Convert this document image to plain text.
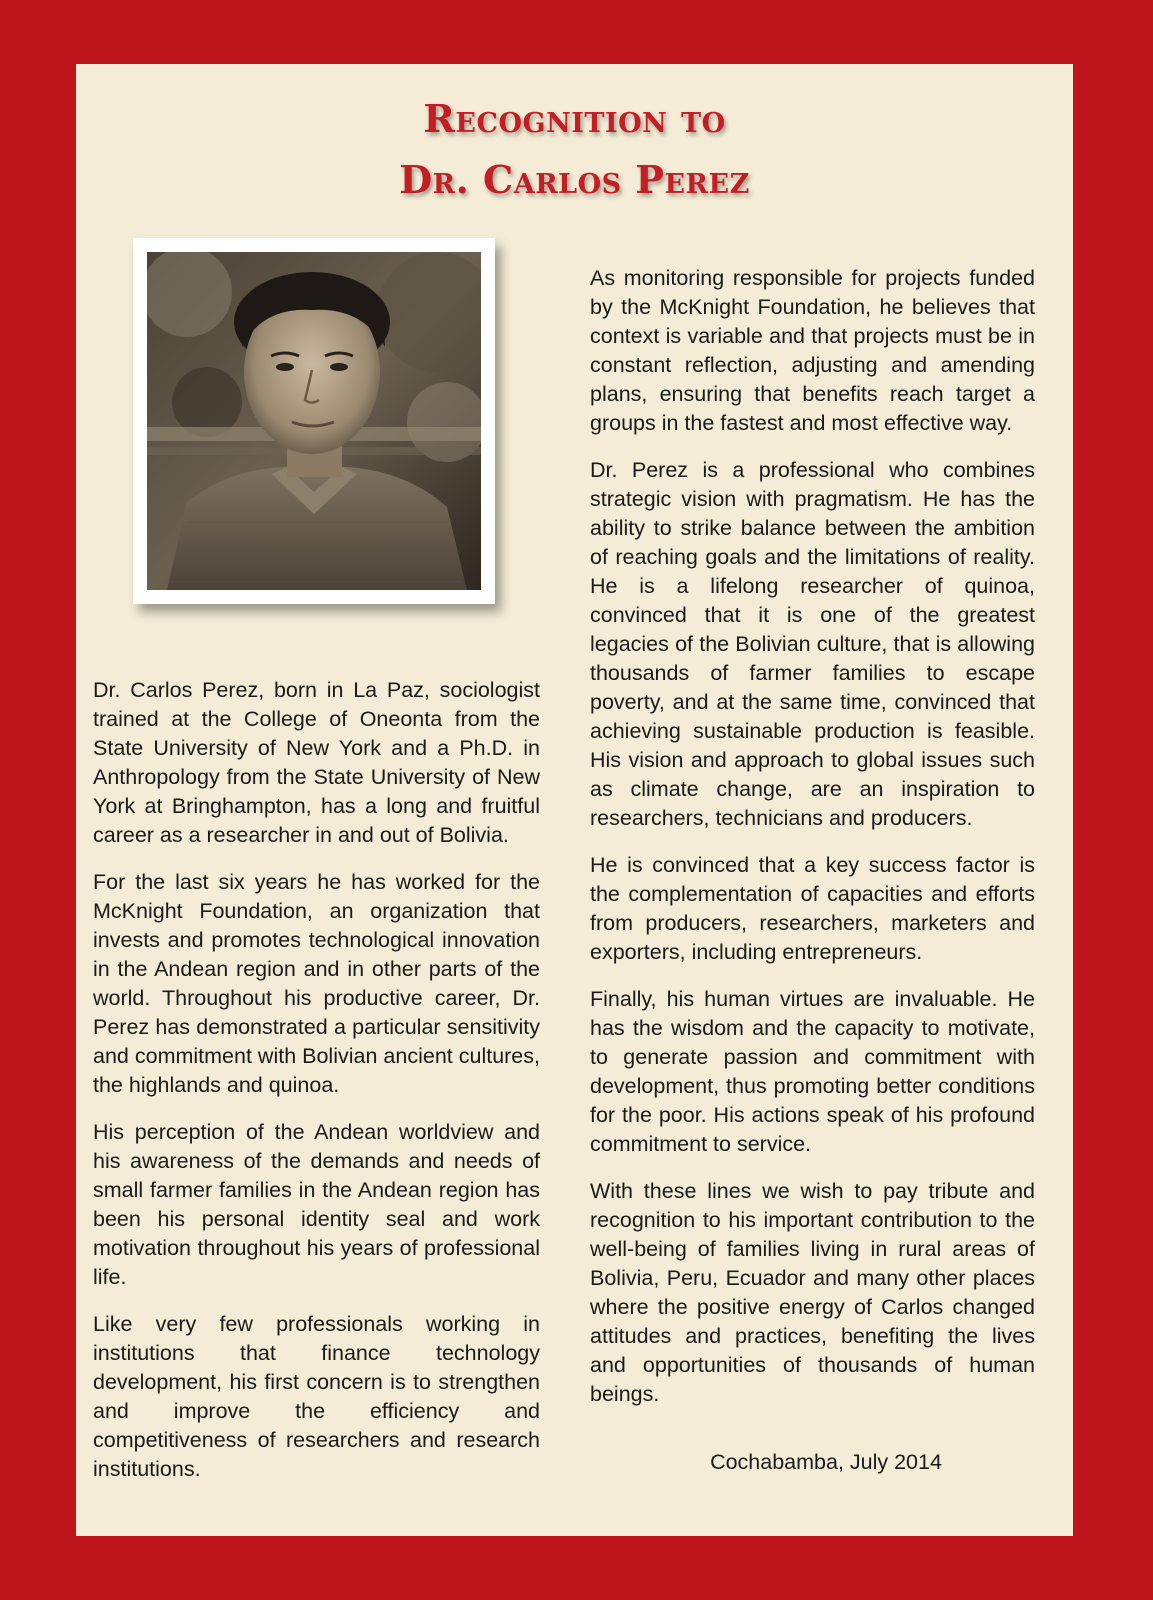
Recognition to
Dr. Carlos Perez

Dr. Carlos Perez, born in La Paz, sociologist trained at the College of Oneonta from the State University of New York and a Ph.D. in Anthropology from the State University of New York at Bringhampton, has a long and fruitful career as a researcher in and out of Bolivia.

For the last six years he has worked for the McKnight Foundation, an organization that invests and promotes technological innovation in the Andean region and in other parts of the world. Throughout his productive career, Dr. Perez has demonstrated a particular sensitivity and commitment with Bolivian ancient cultures, the highlands and quinoa.

His perception of the Andean worldview and his awareness of the demands and needs of small farmer families in the Andean region has been his personal identity seal and work motivation throughout his years of professional life.

Like very few professionals working in institutions that finance technology development, his first concern is to strengthen and improve the efficiency and competitiveness of researchers and research institutions.

As monitoring responsible for projects funded by the McKnight Foundation, he believes that context is variable and that projects must be in constant reflection, adjusting and amending plans, ensuring that benefits reach target a groups in the fastest and most effective way.

Dr. Perez is a professional who combines strategic vision with pragmatism. He has the ability to strike balance between the ambition of reaching goals and the limitations of reality. He is a lifelong researcher of quinoa, convinced that it is one of the greatest legacies of the Bolivian culture, that is allowing thousands of farmer families to escape poverty, and at the same time, convinced that achieving sustainable production is feasible. His vision and approach to global issues such as climate change, are an inspiration to researchers, technicians and producers.

He is convinced that a key success factor is the complementation of capacities and efforts from producers, researchers, marketers and exporters, including entrepreneurs.

Finally, his human virtues are invaluable. He has the wisdom and the capacity to motivate, to generate passion and commitment with development, thus promoting better conditions for the poor. His actions speak of his profound commitment to service.

With these lines we wish to pay tribute and recognition to his important contribution to the well-being of families living in rural areas of Bolivia, Peru, Ecuador and many other places where the positive energy of Carlos changed attitudes and practices, benefiting the lives and opportunities of thousands of human beings.

Cochabamba, July 2014
